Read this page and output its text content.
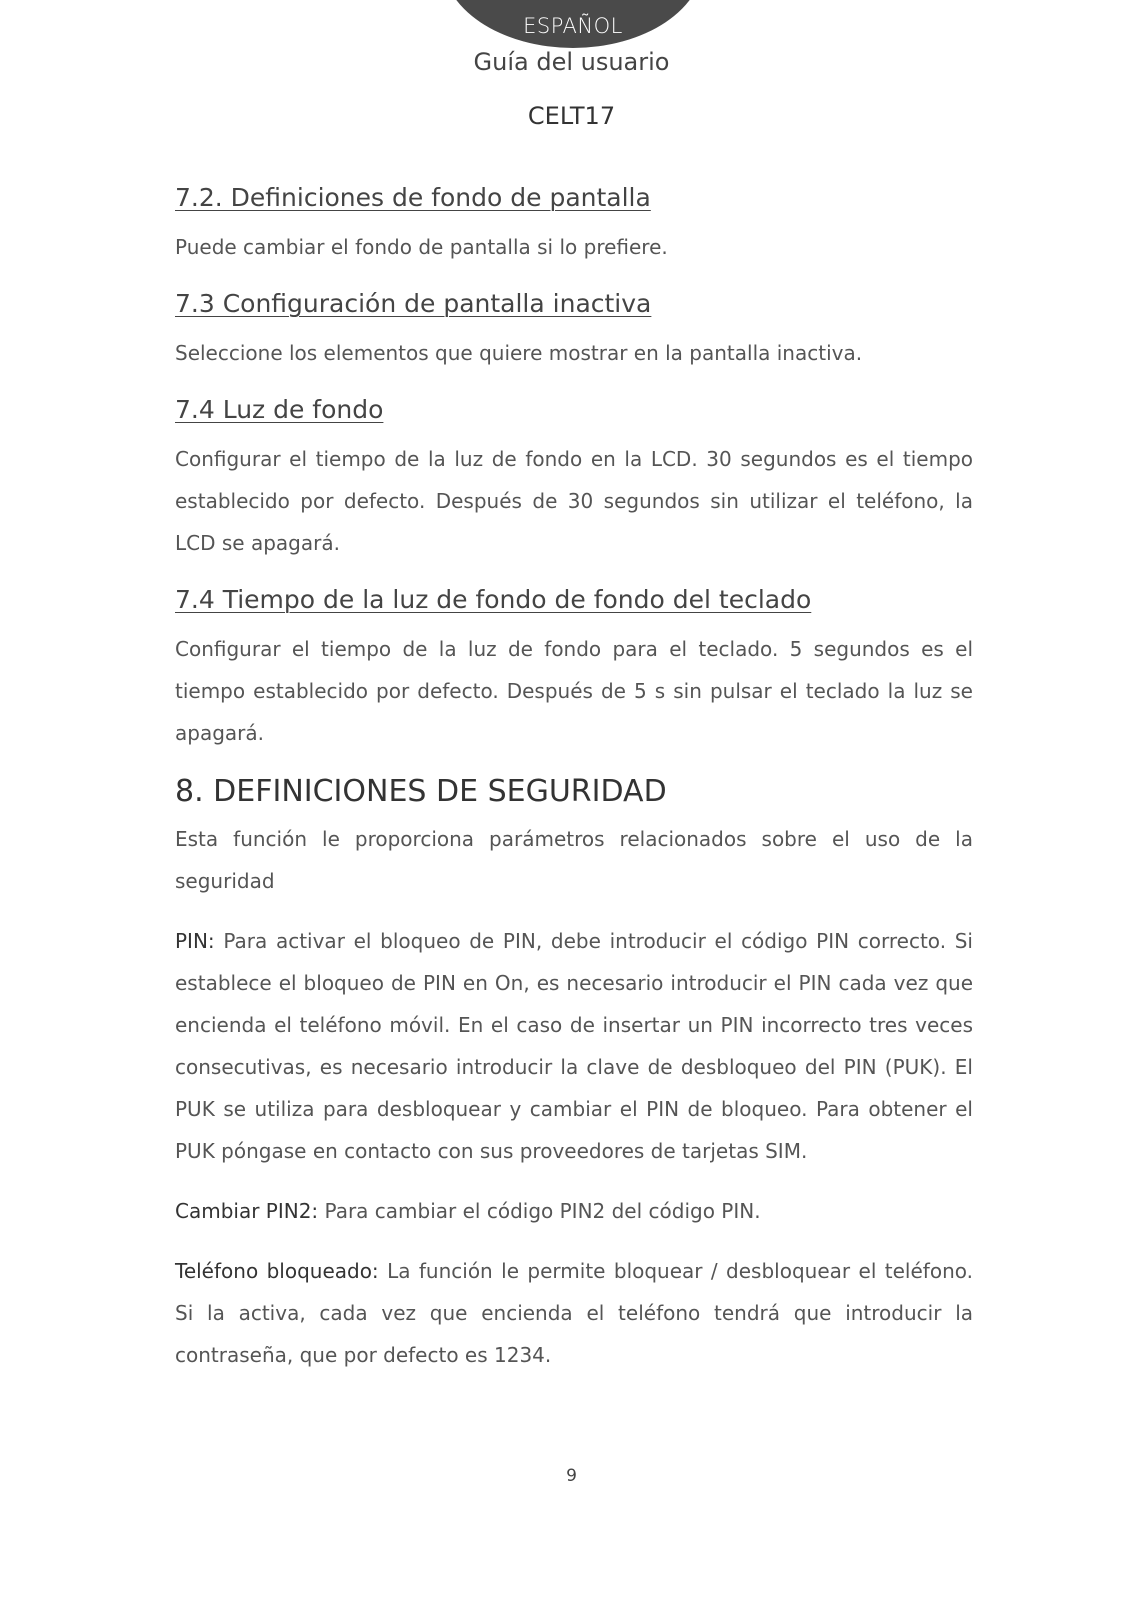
ESPAÑOL
Guía del usuario
CELT17
7.2. Definiciones de fondo de pantalla

Puede cambiar el fondo de pantalla si lo prefiere.

7.3 Configuración de pantalla inactiva

Seleccione los elementos que quiere mostrar en la pantalla inactiva.

7.4 Luz de fondo

Configurar el tiempo de la luz de fondo en la LCD. 30 segundos es el tiempo establecido por defecto. Después de 30 segundos sin utilizar el teléfono, la LCD se apagará.

7.4 Tiempo de la luz de fondo de fondo del teclado

Configurar el tiempo de la luz de fondo para el teclado. 5 segundos es el tiempo establecido por defecto. Después de 5 s sin pulsar el teclado la luz se apagará.

8. DEFINICIONES DE SEGURIDAD

Esta función le proporciona parámetros relacionados sobre el uso de la seguridad

PIN: Para activar el bloqueo de PIN, debe introducir el código PIN correcto. Si establece el bloqueo de PIN en On, es necesario introducir el PIN cada vez que encienda el teléfono móvil. En el caso de insertar un PIN incorrecto tres veces consecutivas, es necesario introducir la clave de desbloqueo del PIN (PUK). El PUK se utiliza para desbloquear y cambiar el PIN de bloqueo. Para obtener el PUK póngase en contacto con sus proveedores de tarjetas SIM.

Cambiar PIN2: Para cambiar el código PIN2 del código PIN.

Teléfono bloqueado: La función le permite bloquear / desbloquear el teléfono. Si la activa, cada vez que encienda el teléfono tendrá que introducir la contraseña, que por defecto es 1234.

9
